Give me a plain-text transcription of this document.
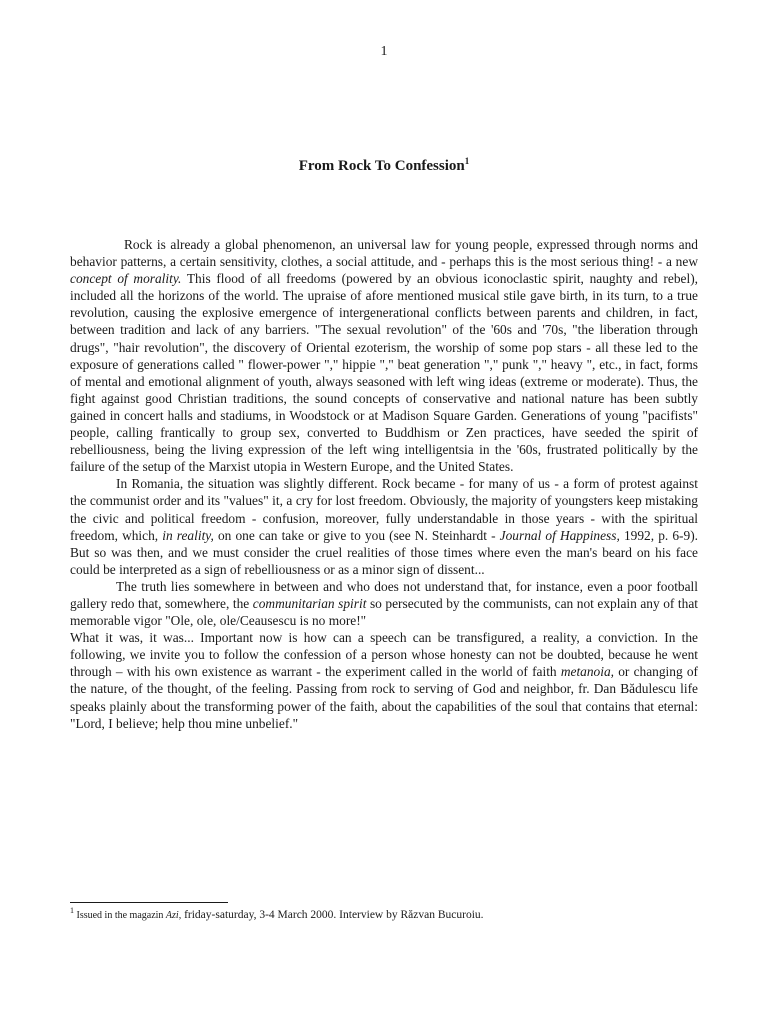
1
From Rock To Confession$^1$

Rock is already a global phenomenon, an universal law for young people, expressed through norms and behavior patterns, a certain sensitivity, clothes, a social attitude, and - perhaps this is the most serious thing! - a new concept of morality. This flood of all freedoms (powered by an obvious iconoclastic spirit, naughty and rebel), included all the horizons of the world. The upraise of afore mentioned musical stile gave birth, in its turn, to a true revolution, causing the explosive emergence of intergenerational conflicts between parents and children, in fact, between tradition and lack of any barriers. "The sexual revolution" of the '60s and '70s, "the liberation through drugs", "hair revolution", the discovery of Oriental ezoterism, the worship of some pop stars - all these led to the exposure of generations called " flower-power "," hippie "," beat generation "," punk "," heavy ", etc., in fact, forms of mental and emotional alignment of youth, always seasoned with left wing ideas (extreme or moderate). Thus, the fight against good Christian traditions, the sound concepts of conservative and national nature has been subtly gained in concert halls and stadiums, in Woodstock or at Madison Square Garden. Generations of young "pacifists" people, calling frantically to group sex, converted to Buddhism or Zen practices, have seeded the spirit of rebelliousness, being the living expression of the left wing intelligentsia in the '60s, frustrated politically by the failure of the setup of the Marxist utopia in Western Europe, and the United States.

In Romania, the situation was slightly different. Rock became - for many of us - a form of protest against the communist order and its "values" it, a cry for lost freedom. Obviously, the majority of youngsters keep mistaking the civic and political freedom - confusion, moreover, fully understandable in those years - with the spiritual freedom, which, in reality, on one can take or give to you (see N. Steinhardt - Journal of Happiness, 1992, p. 6-9). But so was then, and we must consider the cruel realities of those times where even the man's beard on his face could be interpreted as a sign of rebelliousness or as a minor sign of dissent...

The truth lies somewhere in between and who does not understand that, for instance, even a poor football gallery redo that, somewhere, the communitarian spirit so persecuted by the communists, can not explain any of that memorable vigor "Ole, ole, ole/Ceausescu is no more!"

What it was, it was... Important now is how can a speech can be transfigured, a reality, a conviction. In the following, we invite you to follow the confession of a person whose honesty can not be doubted, because he went through – with his own existence as warrant - the experiment called in the world of faith metanoia, or changing of the nature, of the thought, of the feeling. Passing from rock to serving of God and neighbor, fr. Dan Bădulescu life speaks plainly about the transforming power of the faith, about the capabilities of the soul that contains that eternal: "Lord, I believe; help thou mine unbelief."

$^1$ Issued in the magazin Azi, friday-saturday, 3-4 March 2000. Interview by Răzvan Bucuroiu.
